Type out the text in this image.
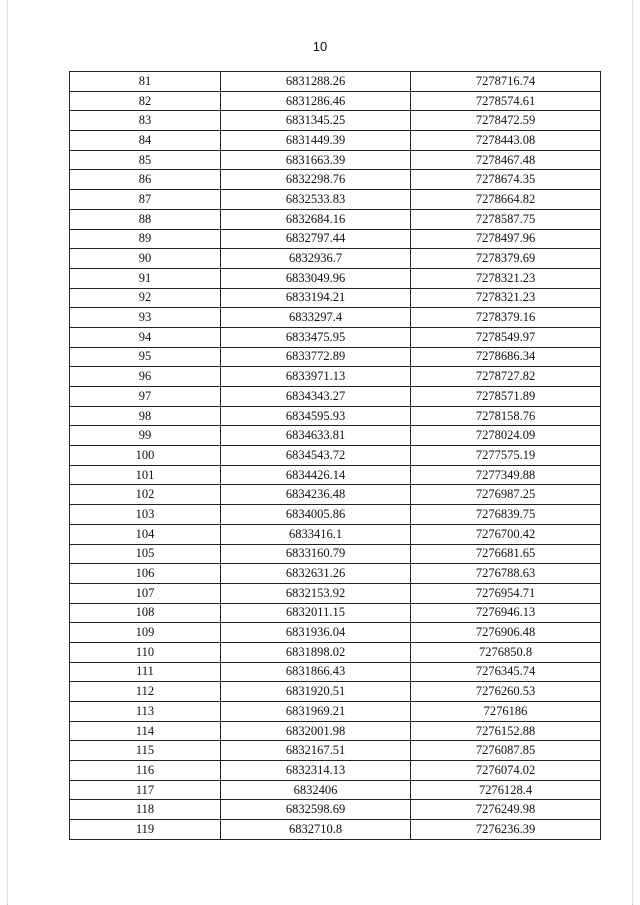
10
81	6831288.26	7278716.74
82	6831286.46	7278574.61
83	6831345.25	7278472.59
84	6831449.39	7278443.08
85	6831663.39	7278467.48
86	6832298.76	7278674.35
87	6832533.83	7278664.82
88	6832684.16	7278587.75
89	6832797.44	7278497.96
90	6832936.7	7278379.69
91	6833049.96	7278321.23
92	6833194.21	7278321.23
93	6833297.4	7278379.16
94	6833475.95	7278549.97
95	6833772.89	7278686.34
96	6833971.13	7278727.82
97	6834343.27	7278571.89
98	6834595.93	7278158.76
99	6834633.81	7278024.09
100	6834543.72	7277575.19
101	6834426.14	7277349.88
102	6834236.48	7276987.25
103	6834005.86	7276839.75
104	6833416.1	7276700.42
105	6833160.79	7276681.65
106	6832631.26	7276788.63
107	6832153.92	7276954.71
108	6832011.15	7276946.13
109	6831936.04	7276906.48
110	6831898.02	7276850.8
111	6831866.43	7276345.74
112	6831920.51	7276260.53
113	6831969.21	7276186
114	6832001.98	7276152.88
115	6832167.51	7276087.85
116	6832314.13	7276074.02
117	6832406	7276128.4
118	6832598.69	7276249.98
119	6832710.8	7276236.39
